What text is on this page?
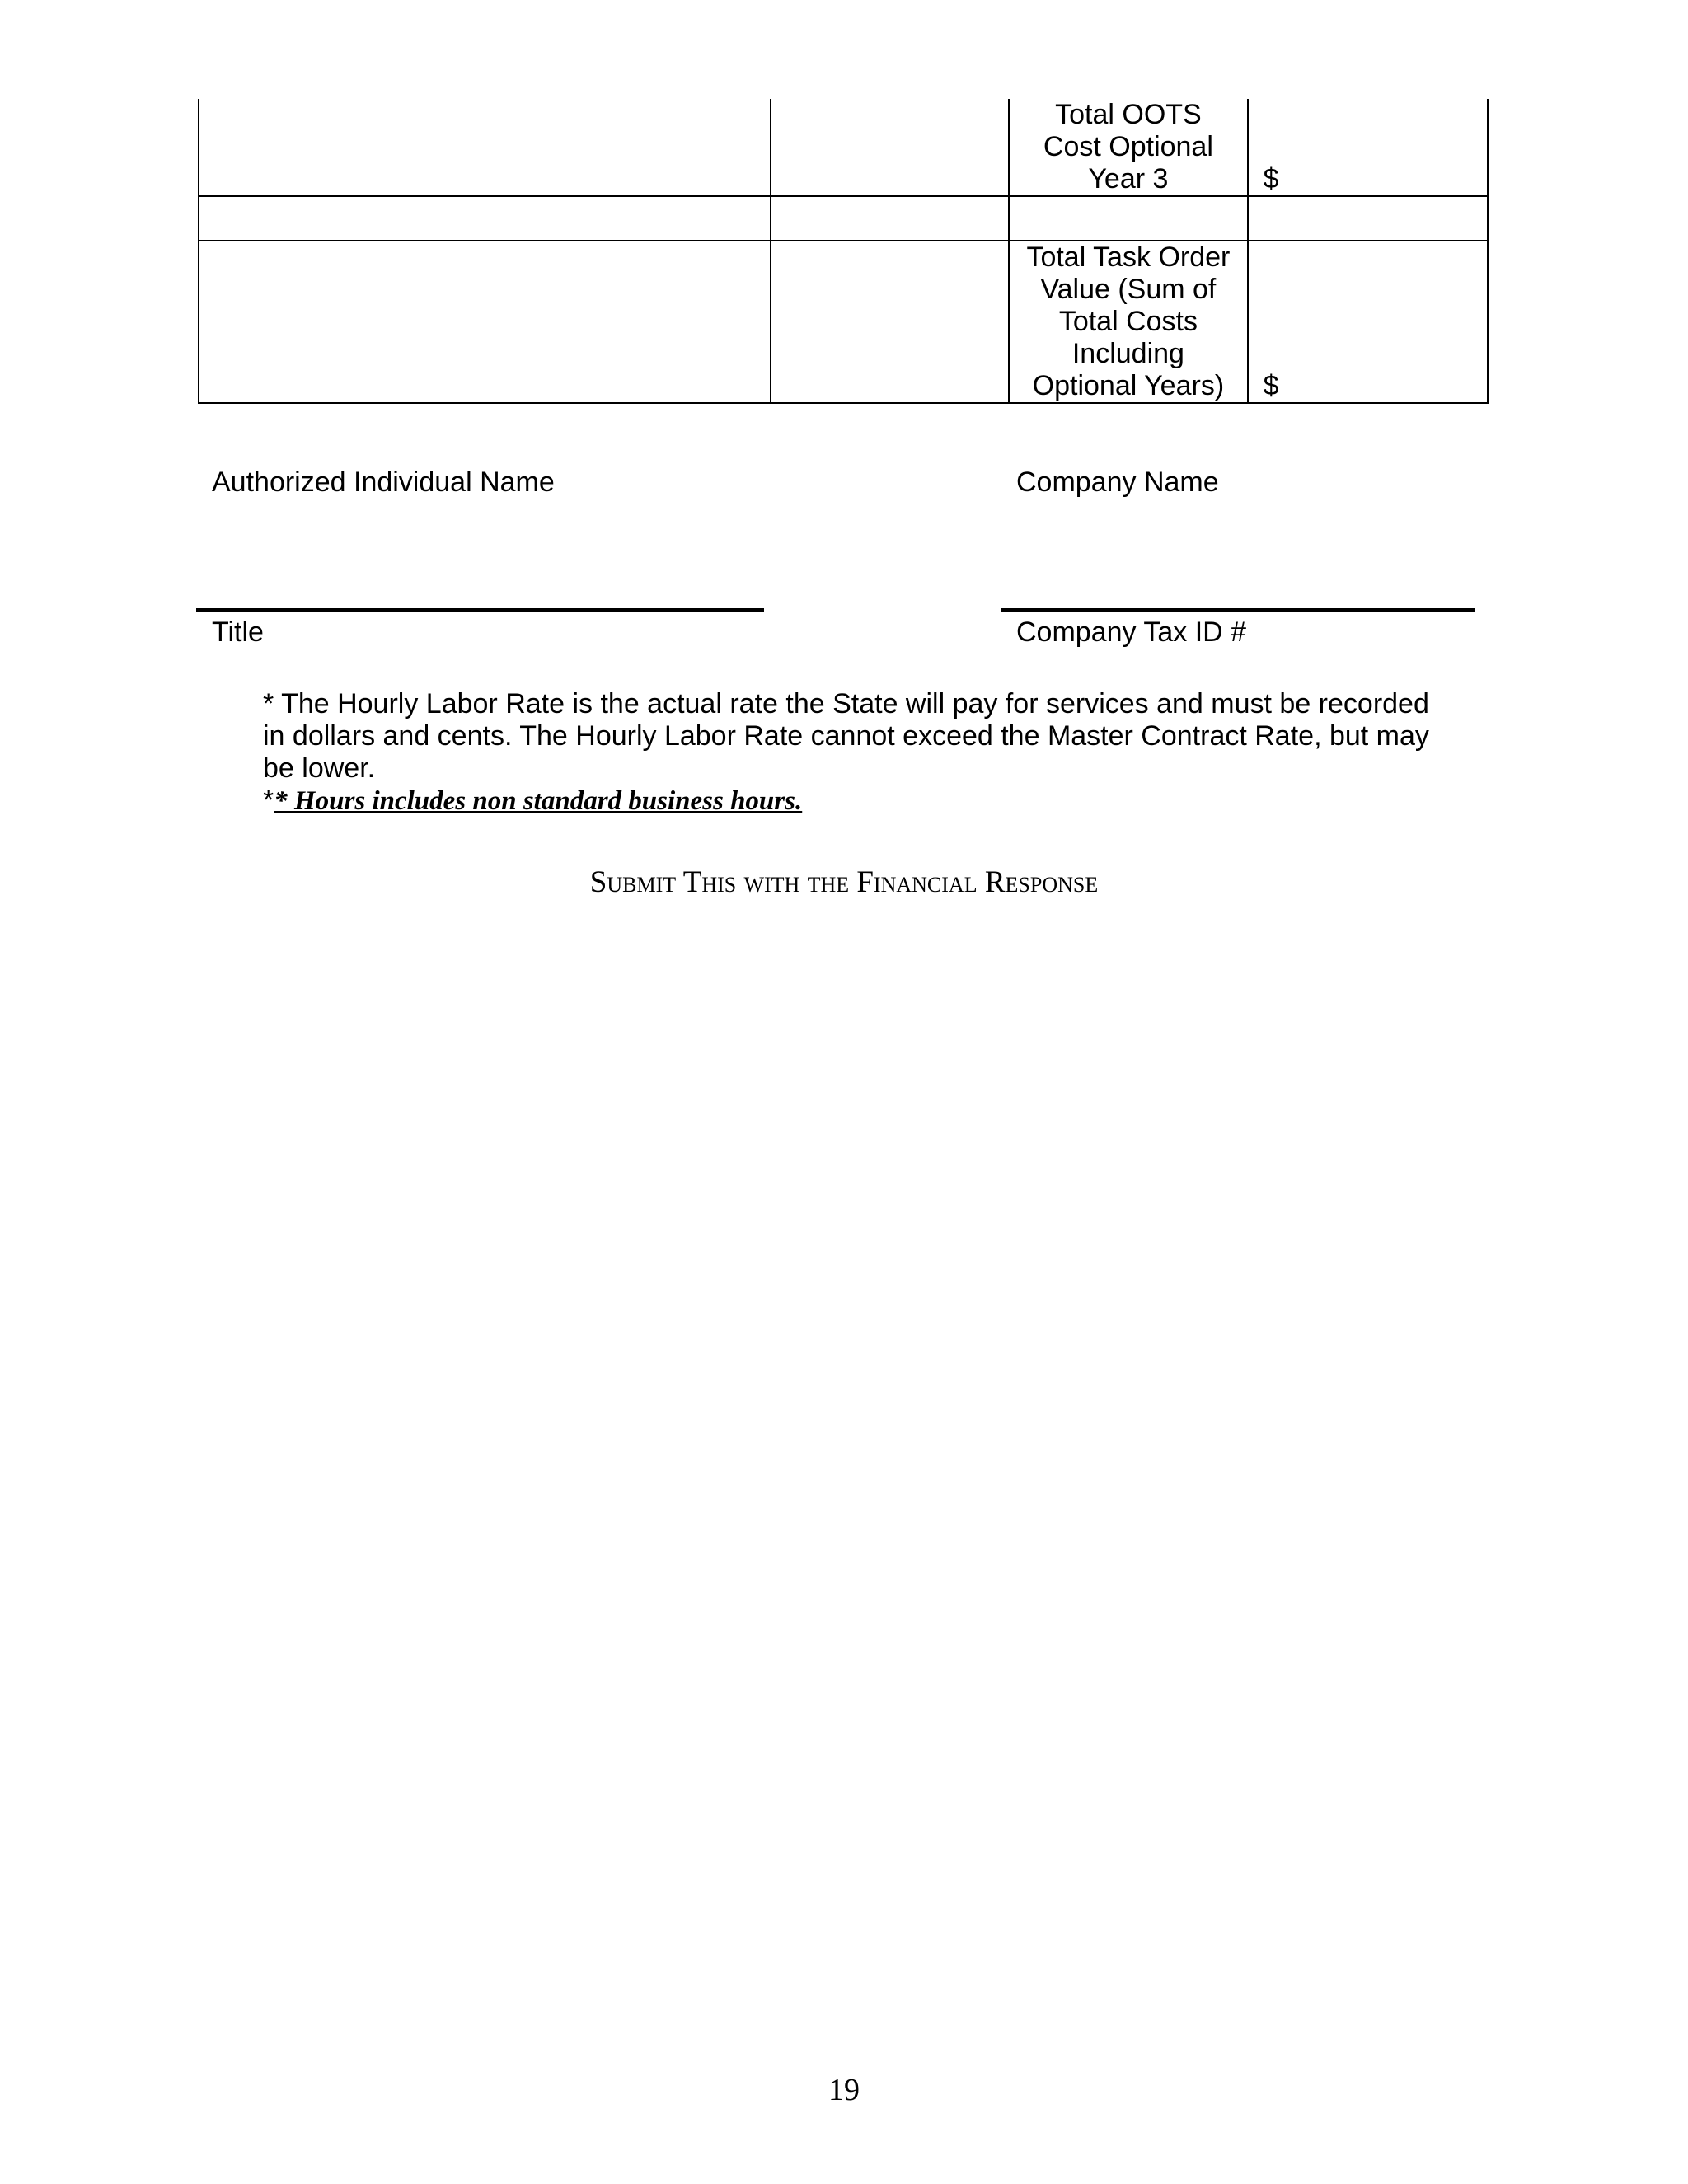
		Total OOTS
Cost Optional
Year 3	$

		Total Task Order
Value (Sum of
Total Costs
Including
Optional Years)	$
Authorized Individual Name	Company Name
Title	Company Tax ID #

* The Hourly Labor Rate is the actual rate the State will pay for services and must be recorded in dollars and cents. The Hourly Labor Rate cannot exceed the Master Contract Rate, but may be lower.

** Hours includes non standard business hours.

Submit This with the Financial Response
19
